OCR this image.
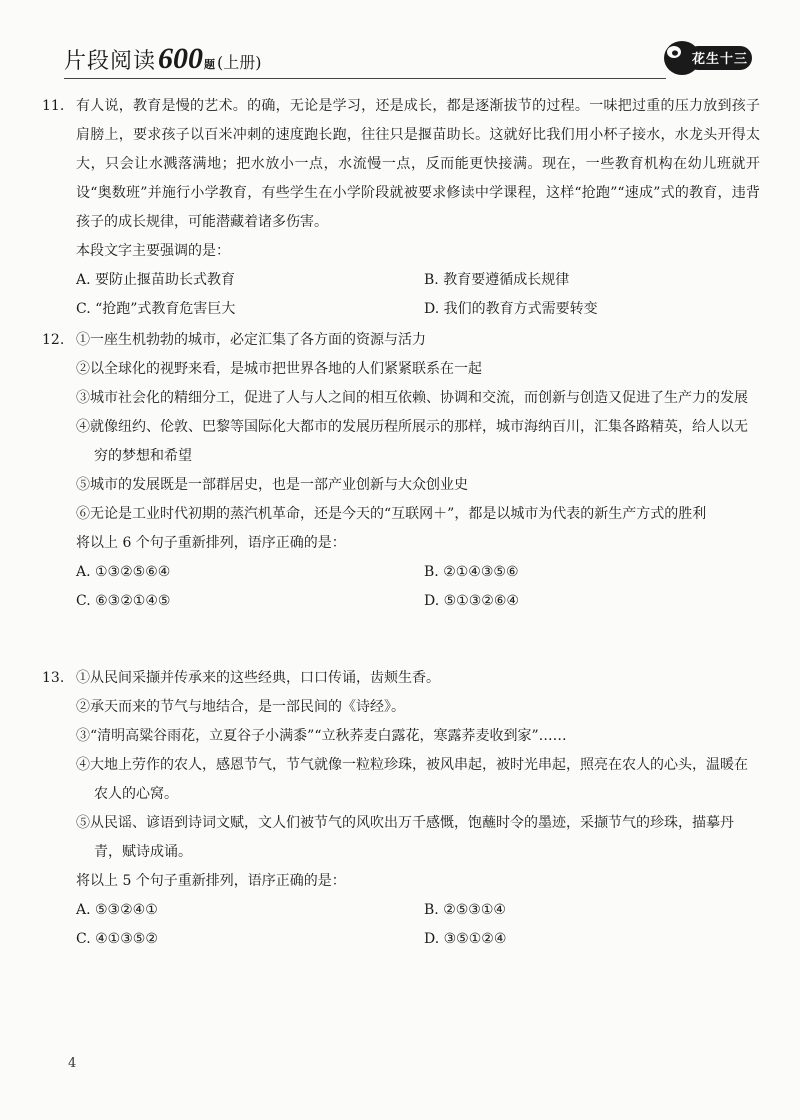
片段阅读 600 题 (上册)	花生十三
11. 有人说，教育是慢的艺术。的确，无论是学习，还是成长，都是逐渐拔节的过程。一味把过重的压力放到孩子肩膀上，要求孩子以百米冲刺的速度跑长跑，往往只是揠苗助长。这就好比我们用小杯子接水，水龙头开得太大，只会让水溅落满地；把水放小一点，水流慢一点，反而能更快接满。现在，一些教育机构在幼儿班就开设“奥数班”并施行小学教育，有些学生在小学阶段就被要求修读中学课程，这样“抢跑”“速成”式的教育，违背孩子的成长规律，可能潜藏着诸多伤害。

本段文字主要强调的是：

A. 要防止揠苗助长式教育	B. 教育要遵循成长规律
C. “抢跑”式教育危害巨大	D. 我们的教育方式需要转变
12. ①一座生机勃勃的城市，必定汇集了各方面的资源与活力

②以全球化的视野来看，是城市把世界各地的人们紧紧联系在一起

③城市社会化的精细分工，促进了人与人之间的相互依赖、协调和交流，而创新与创造又促进了生产力的发展

④就像纽约、伦敦、巴黎等国际化大都市的发展历程所展示的那样，城市海纳百川，汇集各路精英，给人以无穷的梦想和希望

⑤城市的发展既是一部群居史，也是一部产业创新与大众创业史

⑥无论是工业时代初期的蒸汽机革命，还是今天的“互联网＋”，都是以城市为代表的新生产方式的胜利

将以上 6 个句子重新排列，语序正确的是：

A. ①③②⑤⑥④	B. ②①④③⑤⑥
C. ⑥③②①④⑤	D. ⑤①③②⑥④
13. ①从民间采撷并传承来的这些经典，口口传诵，齿颊生香。

②承天而来的节气与地结合，是一部民间的《诗经》。

③“清明高粱谷雨花，立夏谷子小满黍”“立秋荞麦白露花，寒露荞麦收到家”……

④大地上劳作的农人，感恩节气，节气就像一粒粒珍珠，被风串起，被时光串起，照亮在农人的心头，温暖在农人的心窝。

⑤从民谣、谚语到诗词文赋，文人们被节气的风吹出万千感慨，饱蘸时令的墨迹，采撷节气的珍珠，描摹丹青，赋诗成诵。

将以上 5 个句子重新排列，语序正确的是：

A. ⑤③②④①	B. ②⑤③①④
C. ④①③⑤②	D. ③⑤①②④
4
